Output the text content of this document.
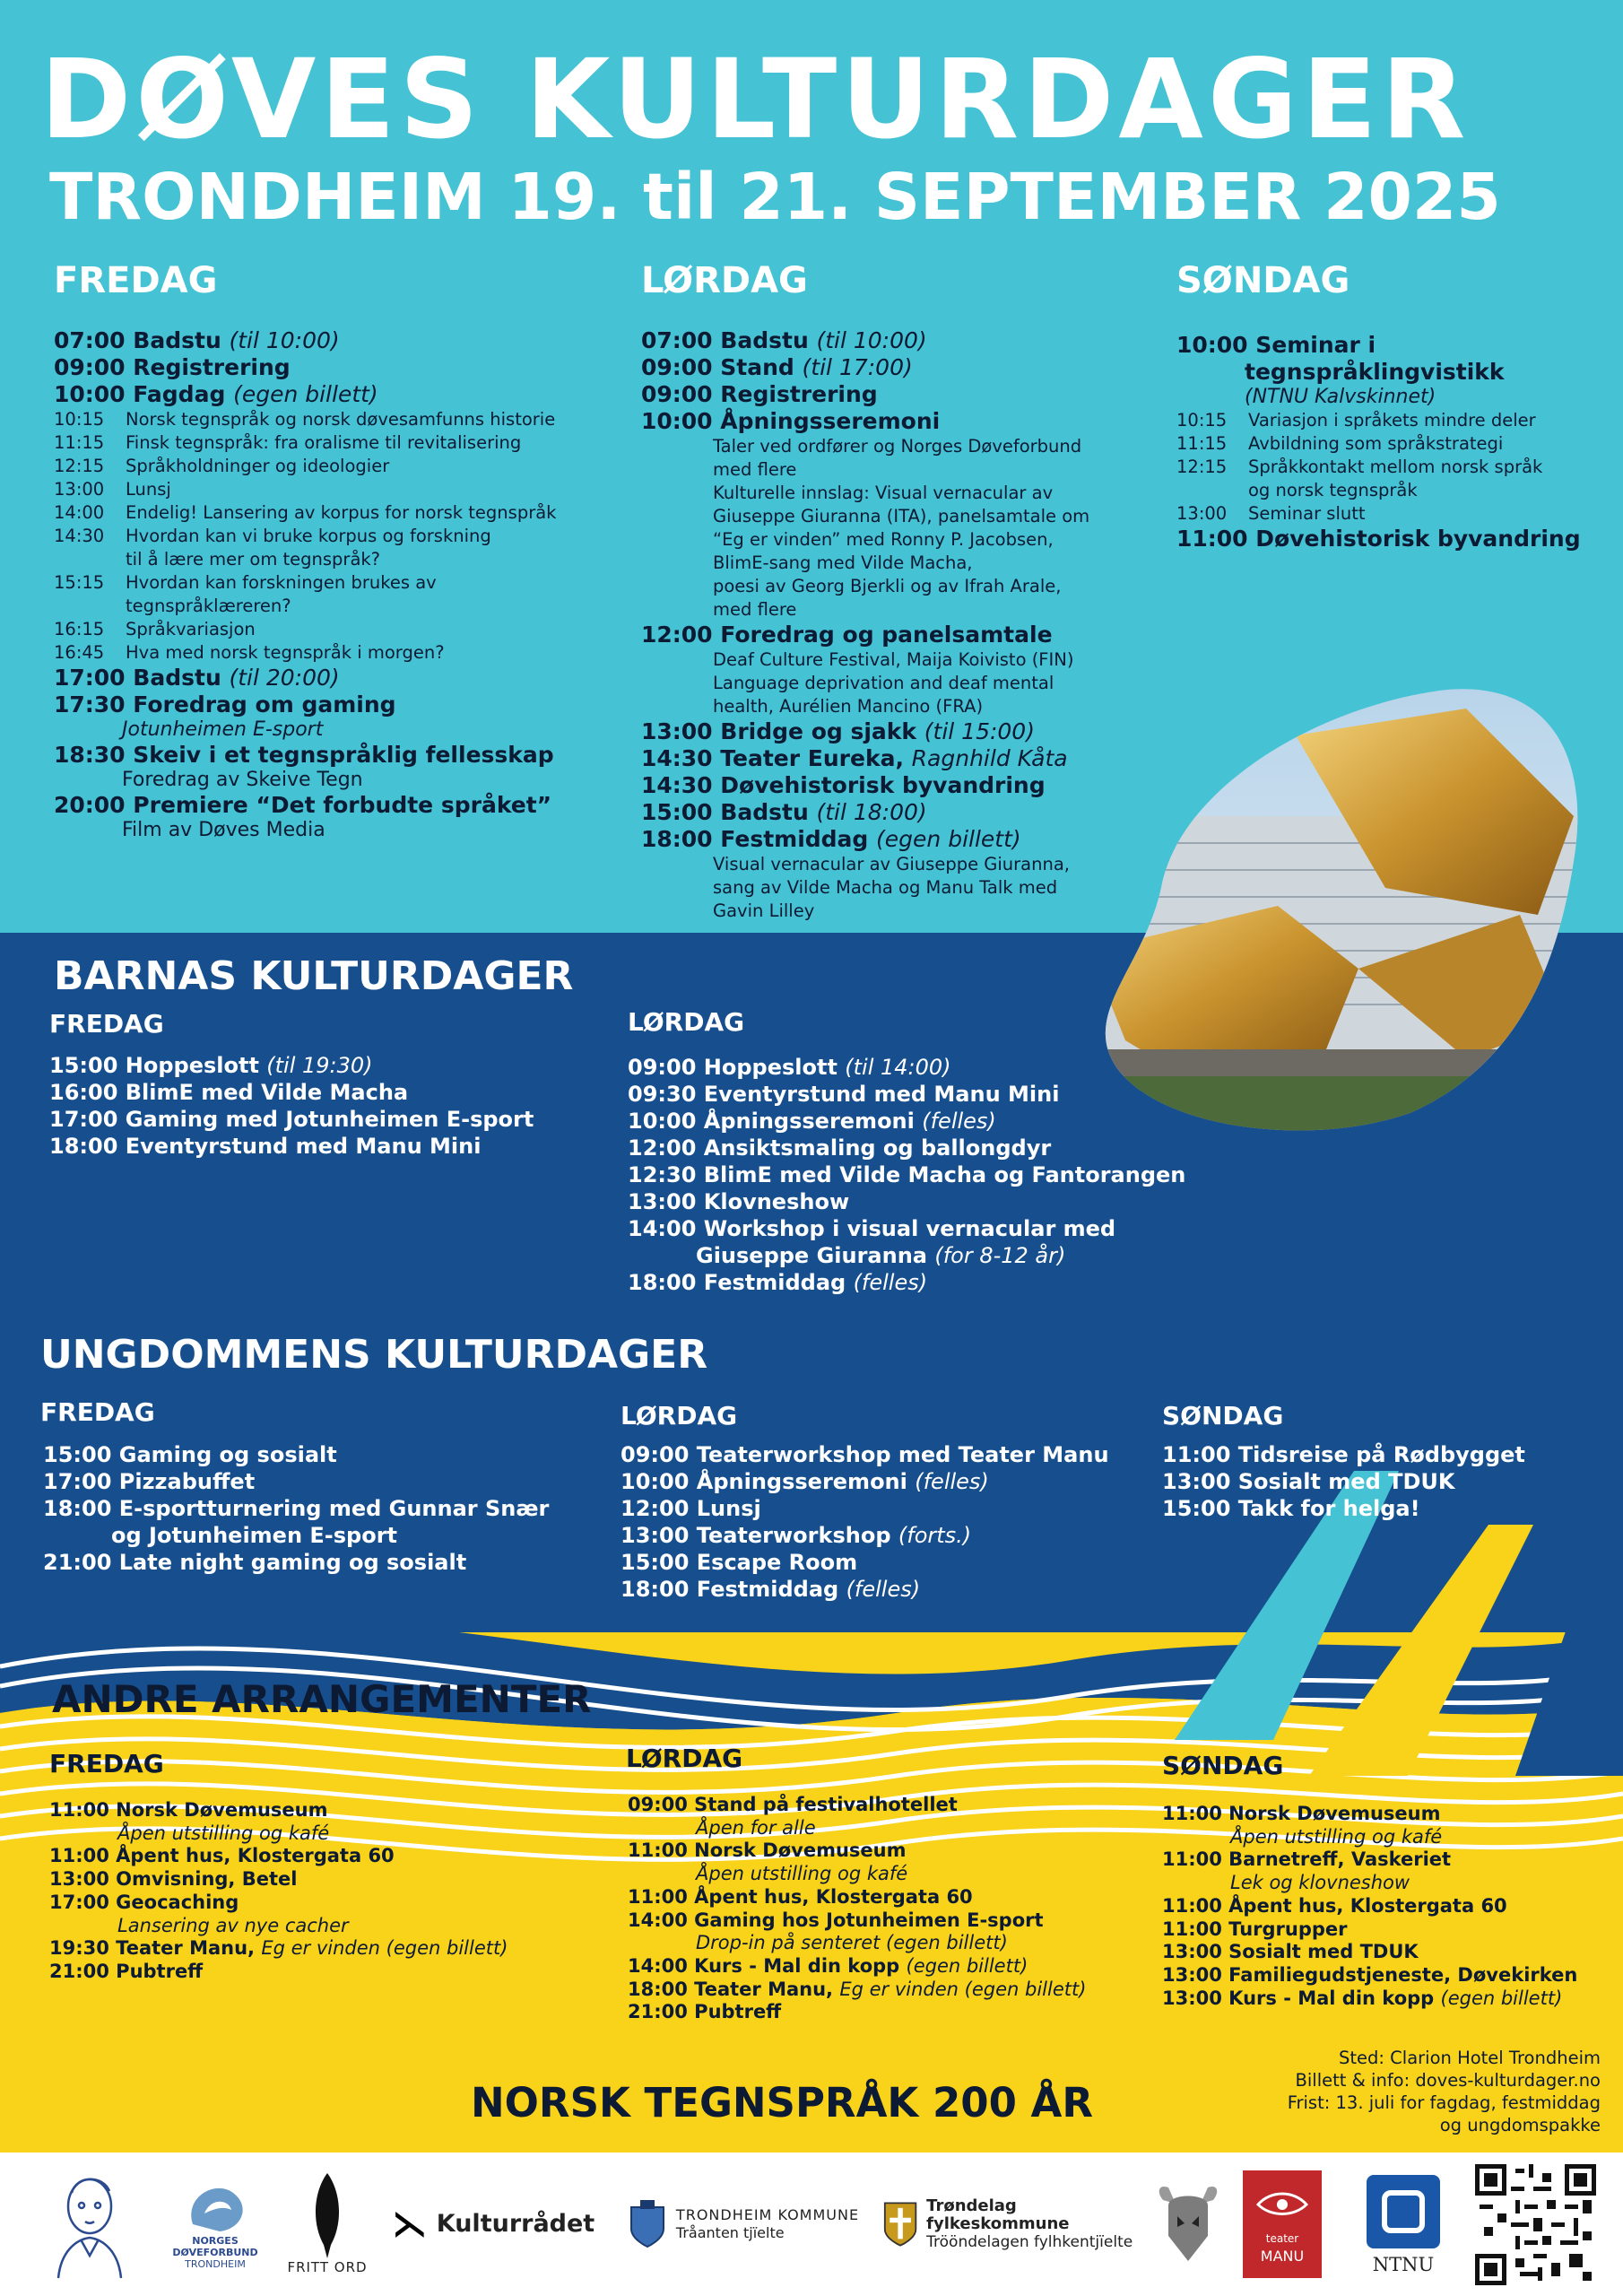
DØVES KULTURDAGER
TRONDHEIM 19. til 21. SEPTEMBER 2025
FREDAG
07:00 Badstu (til 10:00)
09:00 Registrering
10:00 Fagdag (egen billett)
10:15	Norsk tegnspråk og norsk døvesamfunns historie
11:15	Finsk tegnspråk: fra oralisme til revitalisering
12:15	Språkholdninger og ideologier
13:00	Lunsj
14:00	Endelig! Lansering av korpus for norsk tegnspråk
14:30	Hvordan kan vi bruke korpus og forskning
til å lære mer om tegnspråk?
15:15	Hvordan kan forskningen brukes av
tegnspråklæreren?
16:15	Språkvariasjon
16:45	Hva med norsk tegnspråk i morgen?
17:00 Badstu (til 20:00)
17:30 Foredrag om gaming
Jotunheimen E-sport
18:30 Skeiv i et tegnspråklig fellesskap
Foredrag av Skeive Tegn
20:00 Premiere “Det forbudte språket”
Film av Døves Media
LØRDAG
07:00 Badstu (til 10:00)
09:00 Stand (til 17:00)
09:00 Registrering
10:00 Åpningsseremoni
Taler ved ordfører og Norges Døveforbund
med flere
Kulturelle innslag: Visual vernacular av
Giuseppe Giuranna (ITA), panelsamtale om
“Eg er vinden” med Ronny P. Jacobsen,
BlimE-sang med Vilde Macha,
poesi av Georg Bjerkli og av Ifrah Arale,
med flere
12:00 Foredrag og panelsamtale
Deaf Culture Festival, Maija Koivisto (FIN)
Language deprivation and deaf mental
health, Aurélien Mancino (FRA)
13:00 Bridge og sjakk (til 15:00)
14:30 Teater Eureka, Ragnhild Kåta
14:30 Døvehistorisk byvandring
15:00 Badstu (til 18:00)
18:00 Festmiddag (egen billett)
Visual vernacular av Giuseppe Giuranna,
sang av Vilde Macha og Manu Talk med
Gavin Lilley
SØNDAG
10:00 Seminar i
tegnspråklingvistikk
(NTNU Kalvskinnet)
10:15	Variasjon i språkets mindre deler
11:15	Avbildning som språkstrategi
12:15	Språkkontakt mellom norsk språk
og norsk tegnspråk
13:00	Seminar slutt
11:00 Døvehistorisk byvandring
BARNAS KULTURDAGER
FREDAG
15:00 Hoppeslott (til 19:30)
16:00 BlimE med Vilde Macha
17:00 Gaming med Jotunheimen E-sport
18:00 Eventyrstund med Manu Mini
LØRDAG
09:00 Hoppeslott (til 14:00)
09:30 Eventyrstund med Manu Mini
10:00 Åpningsseremoni (felles)
12:00 Ansiktsmaling og ballongdyr
12:30 BlimE med Vilde Macha og Fantorangen
13:00 Klovneshow
14:00 Workshop i visual vernacular med
Giuseppe Giuranna (for 8-12 år)
18:00 Festmiddag (felles)
UNGDOMMENS KULTURDAGER
FREDAG
15:00 Gaming og sosialt
17:00 Pizzabuffet
18:00 E-sportturnering med Gunnar Snær
og Jotunheimen E-sport
21:00 Late night gaming og sosialt
LØRDAG
09:00 Teaterworkshop med Teater Manu
10:00 Åpningsseremoni (felles)
12:00 Lunsj
13:00 Teaterworkshop (forts.)
15:00 Escape Room
18:00 Festmiddag (felles)
SØNDAG
11:00 Tidsreise på Rødbygget
13:00 Sosialt med TDUK
15:00 Takk for helga!
ANDRE ARRANGEMENTER
FREDAG
11:00 Norsk Døvemuseum
Åpen utstilling og kafé
11:00 Åpent hus, Klostergata 60
13:00 Omvisning, Betel
17:00 Geocaching
Lansering av nye cacher
19:30 Teater Manu, Eg er vinden (egen billett)
21:00 Pubtreff
LØRDAG
09:00 Stand på festivalhotellet
Åpen for alle
11:00 Norsk Døvemuseum
Åpen utstilling og kafé
11:00 Åpent hus, Klostergata 60
14:00 Gaming hos Jotunheimen E-sport
Drop-in på senteret (egen billett)
14:00 Kurs - Mal din kopp (egen billett)
18:00 Teater Manu, Eg er vinden (egen billett)
21:00 Pubtreff
SØNDAG
11:00 Norsk Døvemuseum
Åpen utstilling og kafé
11:00 Barnetreff, Vaskeriet
Lek og klovneshow
11:00 Åpent hus, Klostergata 60
11:00 Turgrupper
13:00 Sosialt med TDUK
13:00 Familiegudstjeneste, Døvekirken
13:00 Kurs - Mal din kopp (egen billett)
NORSK TEGNSPRÅK 200 ÅR
Sted: Clarion Hotel Trondheim
Billett & info: doves-kulturdager.no
Frist: 13. juli for fagdag, festmiddag
og ungdomspakke
NORGES
DØVEFORBUND
TRONDHEIM	FRITT ORD
⋋ Kulturrådet	TRONDHEIM KOMMUNE
Tråanten tjïelte
Trøndelag fylkeskommune
Trööndelagen fylhkentjïelte	teater
MANU	NTNU
